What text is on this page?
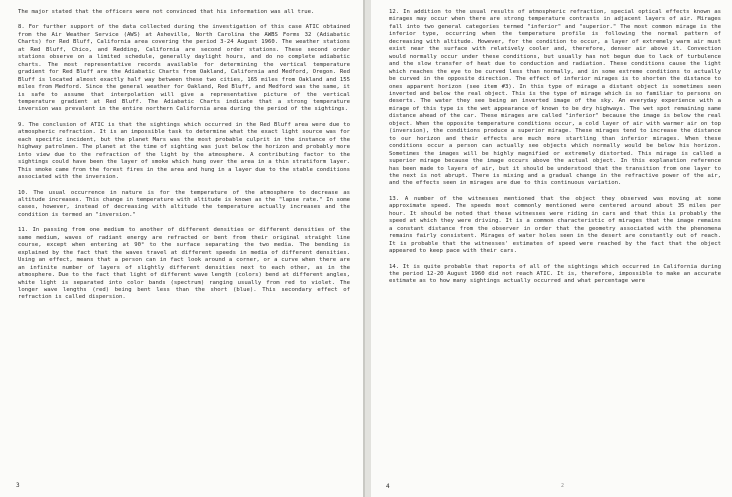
The major stated that the officers were not convinced that his information was all true.

8. For further support of the data collected during the investigation of this case ATIC obtained from the Air Weather Service (AWS) at Asheville, North Carolina the AWBS Forms 32 (Adiabatic Charts) for Red Bluff, California area covering the period 3-24 August 1960. The weather stations at Red Bluff, Chico, and Redding, California are second order stations. These second order stations observe on a limited schedule, generally daylight hours, and do no complete adiabatic charts. The most representative records available for determining the vertical temperature gradient for Red Bluff are the Adiabatic Charts from Oakland, California and Medford, Oregon. Red Bluff is located almost exactly half way between these two cities, 165 miles from Oakland and 155 miles from Medford. Since the general weather for Oakland, Red Bluff, and Medford was the same, it is safe to assume that interpolation will give a representative picture of the vertical temperature gradient at Red Bluff. The Adiabatic Charts indicate that a strong temperature inversion was prevalent in the entire northern California area during the period of the sightings.

9. The conclusion of ATIC is that the sightings which occurred in the Red Bluff area were due to atmospheric refraction. It is an impossible task to determine what the exact light source was for each specific incident, but the planet Mars was the most probable culprit in the instance of the highway patrolmen. The planet at the time of sighting was just below the horizon and probably more into view due to the refraction of the light by the atmosphere. A contributing factor to the sightings could have been the layer of smoke which hung over the area in a thin stratiform layer. This smoke came from the forest fires in the area and hung in a layer due to the stable conditions associated with the inversion.

10. The usual occurrence in nature is for the temperature of the atmosphere to decrease as altitude increases. This change in temperature with altitude is known as the "lapse rate." In some cases, however, instead of decreasing with altitude the temperature actually increases and the condition is termed an "inversion."

11. In passing from one medium to another of different densities or different densities of the same medium, waves of radiant energy are refracted or bent from their original straight line course, except when entering at 90° to the surface separating the two media. The bending is explained by the fact that the waves travel at different speeds in media of different densities. Using an effect, means that a person can in fact look around a corner, or a curve when there are an infinite number of layers of slightly different densities next to each other, as in the atmosphere. Due to the fact that light of different wave length (colors) bend at different angles, white light is separated into color bands (spectrum) ranging usually from red to violet. The longer wave lengths (red) being bent less than the short (blue). This secondary effect of refraction is called dispersion.

3

12. In addition to the usual results of atmospheric refraction, special optical effects known as mirages may occur when there are strong temperature contrasts in adjacent layers of air. Mirages fall into two general categories termed "inferior" and "superior." The most common mirage is the inferior type, occurring when the temperature profile is following the normal pattern of decreasing with altitude. However, for the condition to occur, a layer of extremely warm air must exist near the surface with relatively cooler and, therefore, denser air above it. Convection would normally occur under these conditions, but usually has not begun due to lack of turbulence and the slow transfer of heat due to conduction and radiation. These conditions cause the light which reaches the eye to be curved less than normally, and in some extreme conditions to actually be curved in the opposite direction. The effect of inferior mirages is to shorten the distance to ones apparent horizon (see item #3). In this type of mirage a distant object is sometimes seen inverted and below the real object. This is the type of mirage which is so familiar to persons on deserts. The water they see being an inverted image of the sky. An everyday experience with a mirage of this type is the wet appearance of known to be dry highways. The wet spot remaining same distance ahead of the car. These mirages are called "inferior" because the image is below the real object. When the opposite temperature conditions occur, a cold layer of air with warmer air on top (inversion), the conditions produce a superior mirage. These mirages tend to increase the distance to our horizon and their effects are much more startling than inferior mirages. When these conditions occur a person can actually see objects which normally would be below his horizon. Sometimes the images will be highly magnified or extremely distorted. This mirage is called a superior mirage because the image occurs above the actual object. In this explanation reference has been made to layers of air, but it should be understood that the transition from one layer to the next is not abrupt. There is mixing and a gradual change in the refractive power of the air, and the effects seen in mirages are due to this continuous variation.

13. A number of the witnesses mentioned that the object they observed was moving at some approximate speed. The speeds most commonly mentioned were centered around about 35 miles per hour. It should be noted that these witnesses were riding in cars and that this is probably the speed at which they were driving. It is a common characteristic of mirages that the image remains a constant distance from the observer in order that the geometry associated with the phenomena remains fairly consistent. Mirages of water holes seen in the desert are constantly out of reach. It is probable that the witnesses' estimates of speed were reached by the fact that the object appeared to keep pace with their cars.

14. It is quite probable that reports of all of the sightings which occurred in California during the period 12-20 August 1960 did not reach ATIC. It is, therefore, impossible to make an accurate estimate as to how many sightings actually occurred and what percentage were

4	2
